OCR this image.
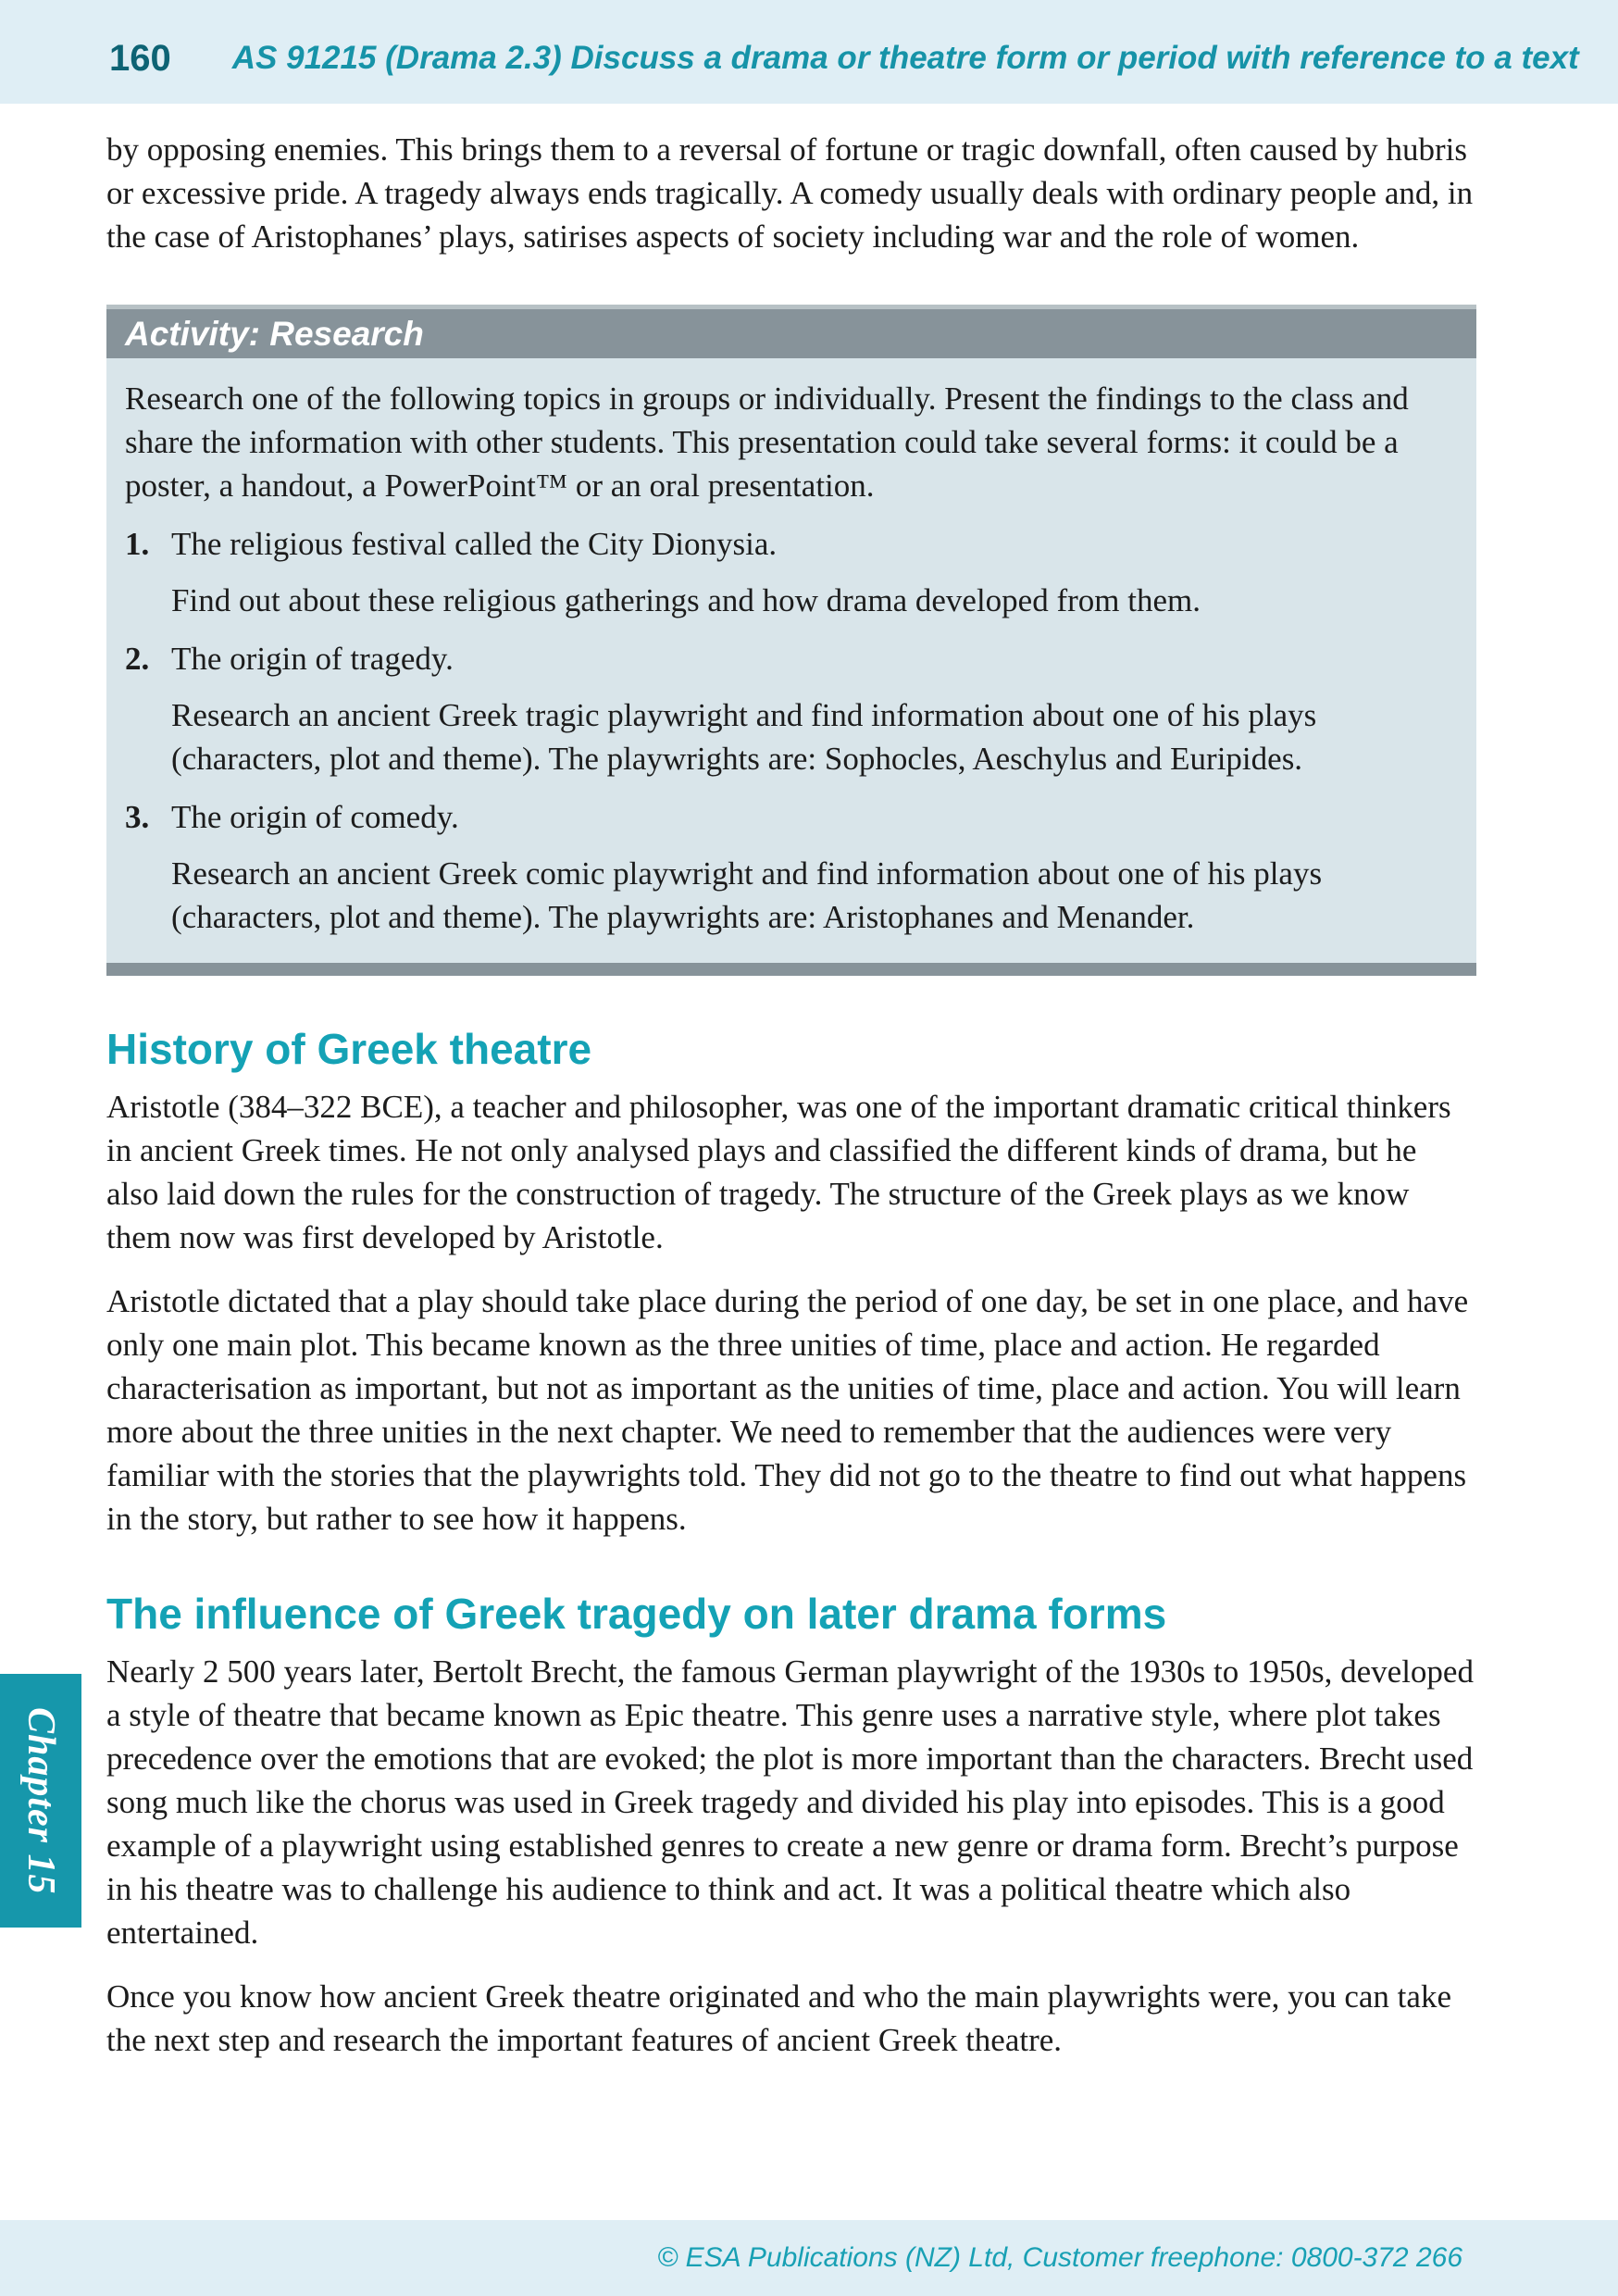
160 AS 91215 (Drama 2.3) Discuss a drama or theatre form or period with reference to a text

by opposing enemies. This brings them to a reversal of fortune or tragic downfall, often caused by hubris or excessive pride. A tragedy always ends tragically. A comedy usually deals with ordinary people and, in the case of Aristophanes’ plays, satirises aspects of society including war and the role of women.

Activity: Research

Research one of the following topics in groups or individually. Present the findings to the class and share the information with other students. This presentation could take several forms: it could be a poster, a handout, a PowerPoint™ or an oral presentation.

1. The religious festival called the City Dionysia.
Find out about these religious gatherings and how drama developed from them.
2. The origin of tragedy.
Research an ancient Greek tragic playwright and find information about one of his plays (characters, plot and theme). The playwrights are: Sophocles, Aeschylus and Euripides.
3. The origin of comedy.
Research an ancient Greek comic playwright and find information about one of his plays (characters, plot and theme). The playwrights are: Aristophanes and Menander.
History of Greek theatre

Aristotle (384–322 BCE), a teacher and philosopher, was one of the important dramatic critical thinkers in ancient Greek times. He not only analysed plays and classified the different kinds of drama, but he also laid down the rules for the construction of tragedy. The structure of the Greek plays as we know them now was first developed by Aristotle.

Aristotle dictated that a play should take place during the period of one day, be set in one place, and have only one main plot. This became known as the three unities of time, place and action. He regarded characterisation as important, but not as important as the unities of time, place and action. You will learn more about the three unities in the next chapter. We need to remember that the audiences were very familiar with the stories that the playwrights told. They did not go to the theatre to find out what happens in the story, but rather to see how it happens.

The influence of Greek tragedy on later drama forms

Nearly 2 500 years later, Bertolt Brecht, the famous German playwright of the 1930s to 1950s, developed a style of theatre that became known as Epic theatre. This genre uses a narrative style, where plot takes precedence over the emotions that are evoked; the plot is more important than the characters. Brecht used song much like the chorus was used in Greek tragedy and divided his play into episodes. This is a good example of a playwright using established genres to create a new genre or drama form. Brecht’s purpose in his theatre was to challenge his audience to think and act. It was a political theatre which also entertained.

Once you know how ancient Greek theatre originated and who the main playwrights were, you can take the next step and research the important features of ancient Greek theatre.

Chapter 15
© ESA Publications (NZ) Ltd, Customer freephone: 0800-372 266
